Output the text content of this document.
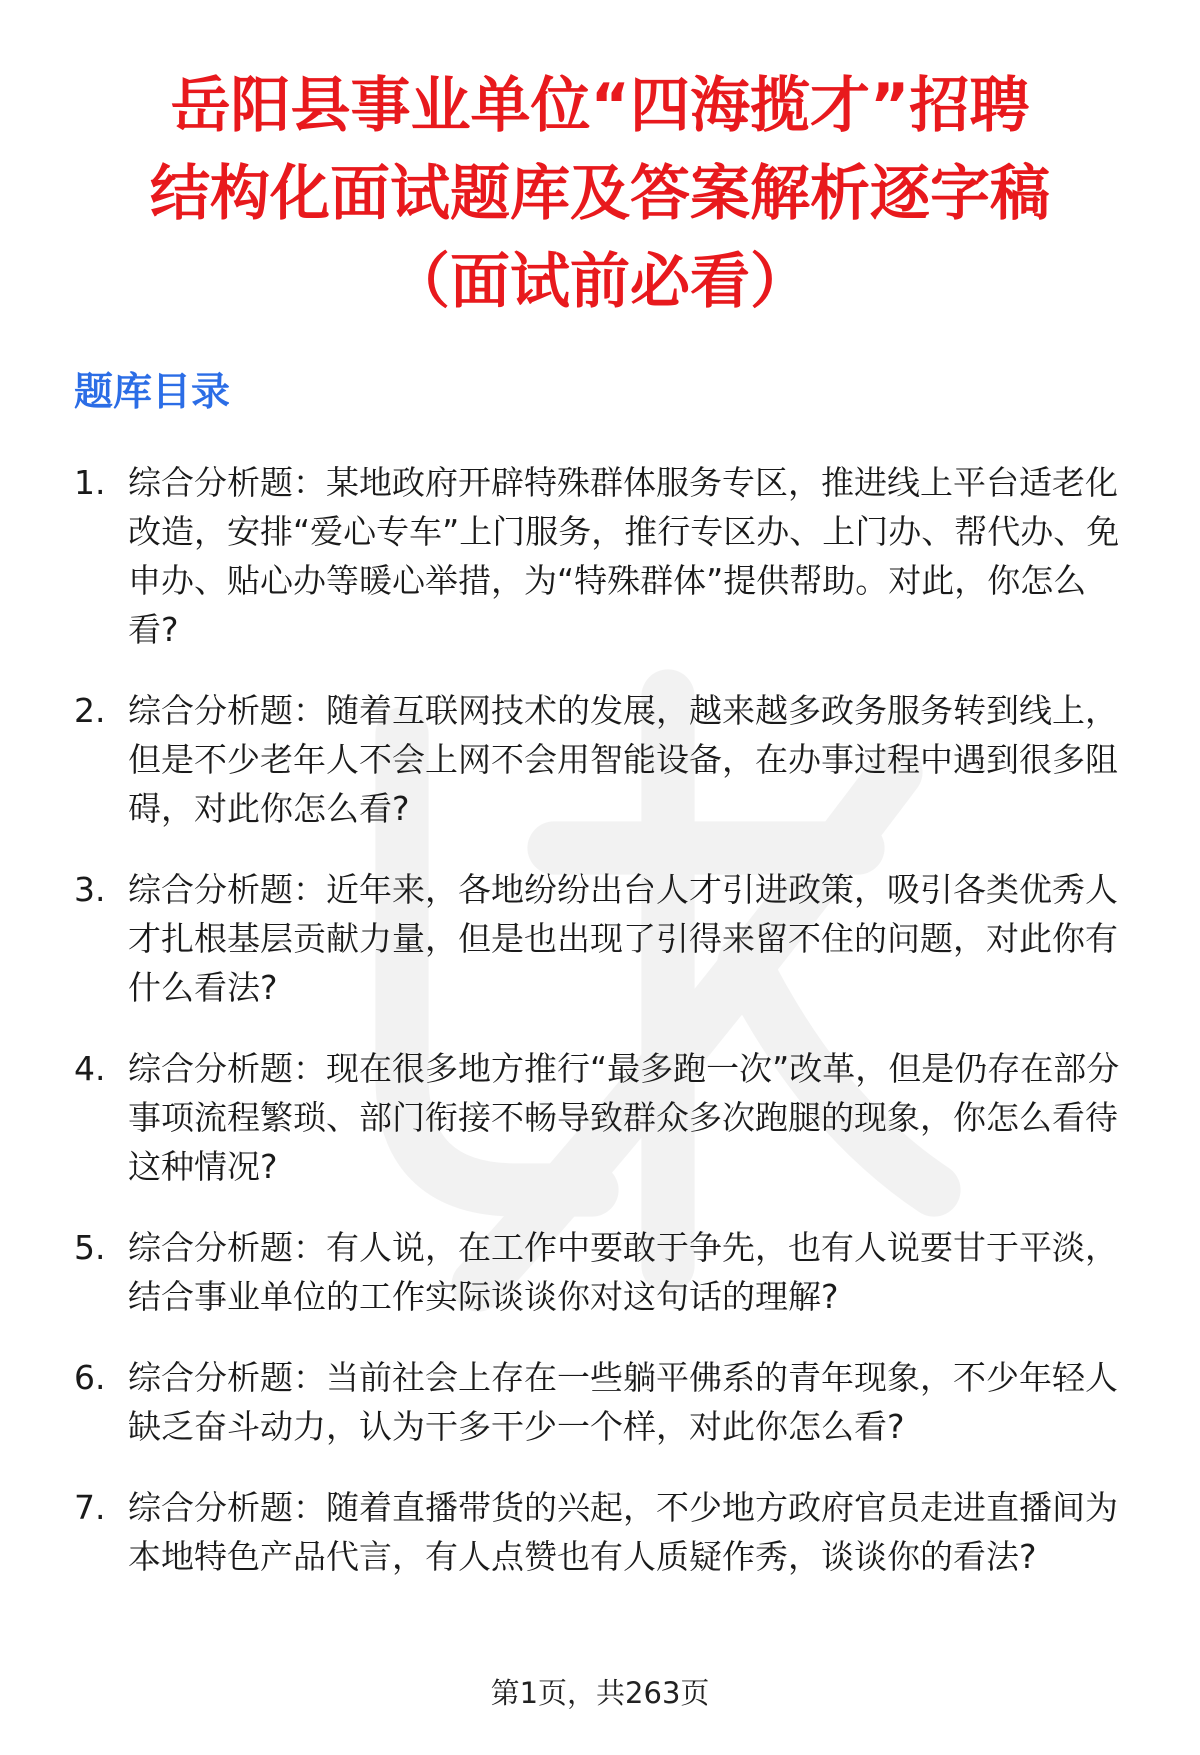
岳阳县事业单位“四海揽才”招聘
结构化面试题库及答案解析逐字稿
（面试前必看）
题库目录
1. 综合分析题：某地政府开辟特殊群体服务专区，推进线上平台适老化改造，安排“爱心专车”上门服务，推行专区办、上门办、帮代办、免申办、贴心办等暖心举措，为“特殊群体”提供帮助。对此，你怎么看?
2. 综合分析题：随着互联网技术的发展，越来越多政务服务转到线上，但是不少老年人不会上网不会用智能设备，在办事过程中遇到很多阻碍，对此你怎么看?
3. 综合分析题：近年来，各地纷纷出台人才引进政策，吸引各类优秀人才扎根基层贡献力量，但是也出现了引得来留不住的问题，对此你有什么看法?
4. 综合分析题：现在很多地方推行“最多跑一次”改革，但是仍存在部分事项流程繁琐、部门衔接不畅导致群众多次跑腿的现象，你怎么看待这种情况?
5. 综合分析题：有人说，在工作中要敢于争先，也有人说要甘于平淡，结合事业单位的工作实际谈谈你对这句话的理解?
6. 综合分析题：当前社会上存在一些躺平佛系的青年现象，不少年轻人缺乏奋斗动力，认为干多干少一个样，对此你怎么看?
7. 综合分析题：随着直播带货的兴起，不少地方政府官员走进直播间为本地特色产品代言，有人点赞也有人质疑作秀，谈谈你的看法?
第1页，共263页
